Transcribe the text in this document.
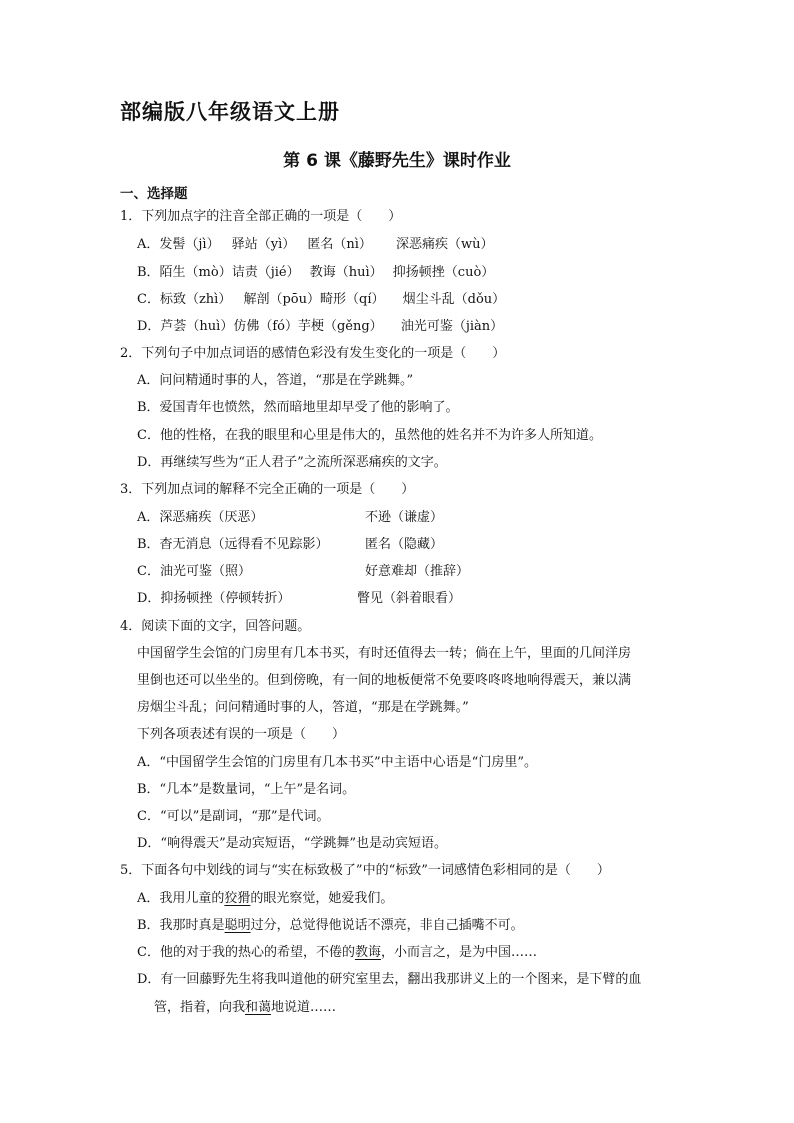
部编版八年级语文上册
第 6 课《藤野先生》课时作业
一、选择题
1．下列加点字的注音全部正确的一项是（　　）
A．发髻（jì） 驿站（yì） 匿名（nì） 深恶痛疾（wù）
B．陌生（mò）诘责（jié） 教诲（huì） 抑扬顿挫（cuò）
C．标致（zhì） 解剖（pōu）畸形（qí） 烟尘斗乱（dǒu）
D．芦荟（huì）仿佛（fó）芋梗（gěng） 油光可鉴（jiàn）
2．下列句子中加点词语的感情色彩没有发生变化的一项是（　　）
A．问问精通时事的人，答道，“那是在学跳舞。”
B．爱国青年也愤然，然而暗地里却早受了他的影响了。
C．他的性格，在我的眼里和心里是伟大的，虽然他的姓名并不为许多人所知道。
D．再继续写些为“正人君子”之流所深恶痛疾的文字。
3．下列加点词的解释不完全正确的一项是（　　）
A．深恶痛疾（厌恶）	不逊（谦虚）
B．杳无消息（远得看不见踪影）	匿名（隐藏）
C．油光可鉴（照）	好意难却（推辞）
D．抑扬顿挫（停顿转折）	瞥见（斜着眼看）
4．阅读下面的文字，回答问题。
中国留学生会馆的门房里有几本书买，有时还值得去一转；倘在上午，里面的几间洋房
里倒也还可以坐坐的。但到傍晚，有一间的地板便常不免要咚咚咚地响得震天，兼以满
房烟尘斗乱；问问精通时事的人，答道，“那是在学跳舞。”
下列各项表述有误的一项是（　　）
A．“中国留学生会馆的门房里有几本书买”中主语中心语是“门房里”。
B．“几本”是数量词，“上午”是名词。
C．“可以”是副词，“那”是代词。
D．“响得震天”是动宾短语，“学跳舞”也是动宾短语。
5．下面各句中划线的词与“实在标致极了”中的“标致”一词感情色彩相同的是（　　）
A．我用儿童的狡猾的眼光察觉，她爱我们。
B．我那时真是聪明过分，总觉得他说话不漂亮，非自己插嘴不可。
C．他的对于我的热心的希望，不倦的教诲，小而言之，是为中国……
D．有一回藤野先生将我叫道他的研究室里去，翻出我那讲义上的一个图来，是下臂的血
管，指着，向我和蔼地说道……
